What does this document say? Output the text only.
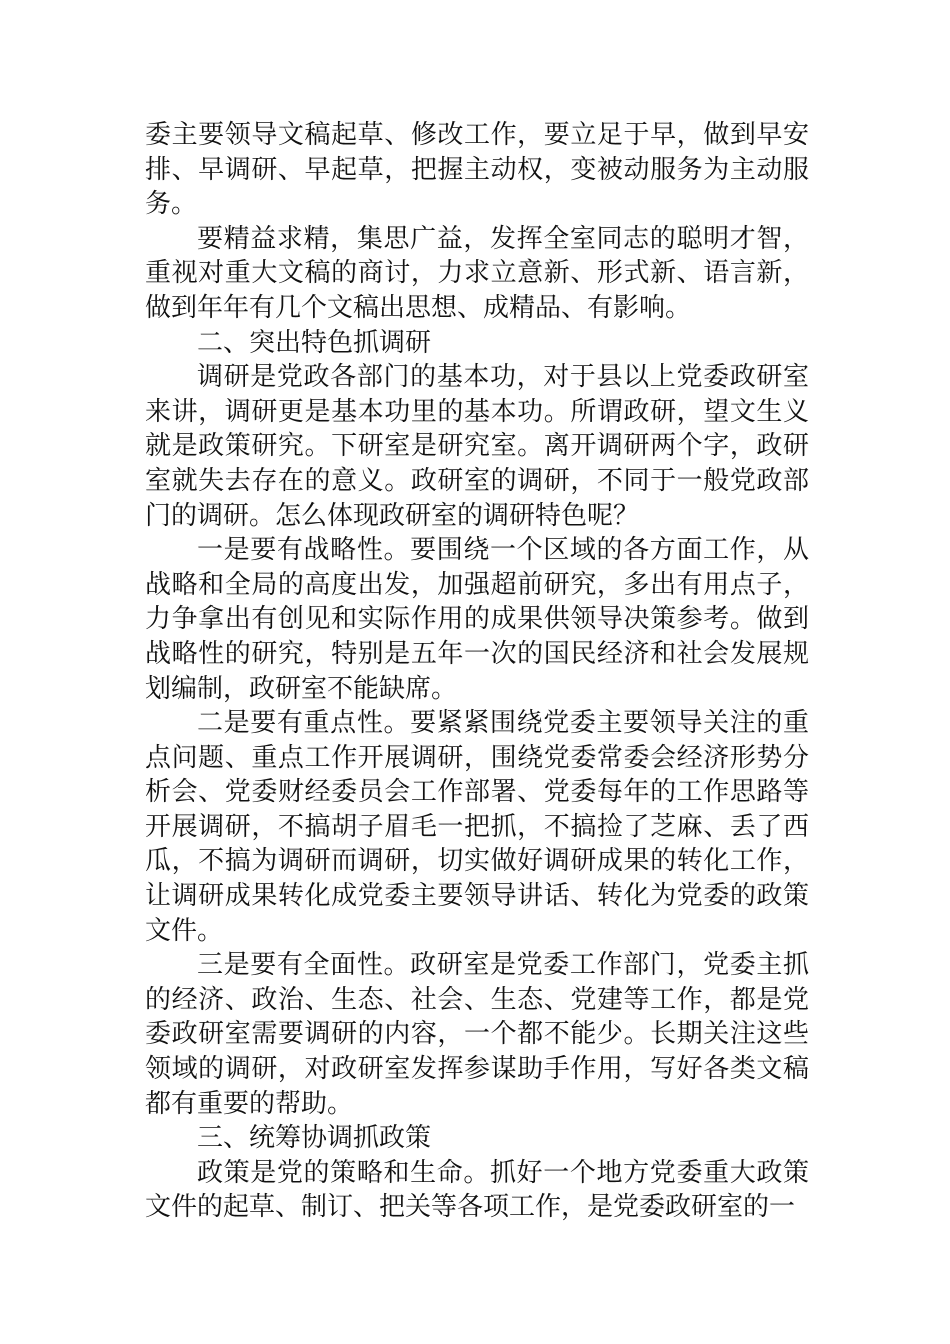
委主要领导文稿起草、修改工作，要立足于早，做到早安排、早调研、早起草，把握主动权，变被动服务为主动服务。

要精益求精，集思广益，发挥全室同志的聪明才智，重视对重大文稿的商讨，力求立意新、形式新、语言新，做到年年有几个文稿出思想、成精品、有影响。

二、突出特色抓调研

调研是党政各部门的基本功，对于县以上党委政研室来讲，调研更是基本功里的基本功。所谓政研，望文生义就是政策研究。下研室是研究室。离开调研两个字，政研室就失去存在的意义。政研室的调研，不同于一般党政部门的调研。怎么体现政研室的调研特色呢？

一是要有战略性。要围绕一个区域的各方面工作，从战略和全局的高度出发，加强超前研究，多出有用点子，力争拿出有创见和实际作用的成果供领导决策参考。做到战略性的研究，特别是五年一次的国民经济和社会发展规划编制，政研室不能缺席。

二是要有重点性。要紧紧围绕党委主要领导关注的重点问题、重点工作开展调研，围绕党委常委会经济形势分析会、党委财经委员会工作部署、党委每年的工作思路等开展调研，不搞胡子眉毛一把抓，不搞捡了芝麻、丢了西瓜，不搞为调研而调研，切实做好调研成果的转化工作，让调研成果转化成党委主要领导讲话、转化为党委的政策文件。

三是要有全面性。政研室是党委工作部门，党委主抓的经济、政治、生态、社会、生态、党建等工作，都是党委政研室需要调研的内容，一个都不能少。长期关注这些领域的调研，对政研室发挥参谋助手作用，写好各类文稿都有重要的帮助。

三、统筹协调抓政策

政策是党的策略和生命。抓好一个地方党委重大政策文件的起草、制订、把关等各项工作，是党委政研室的一
